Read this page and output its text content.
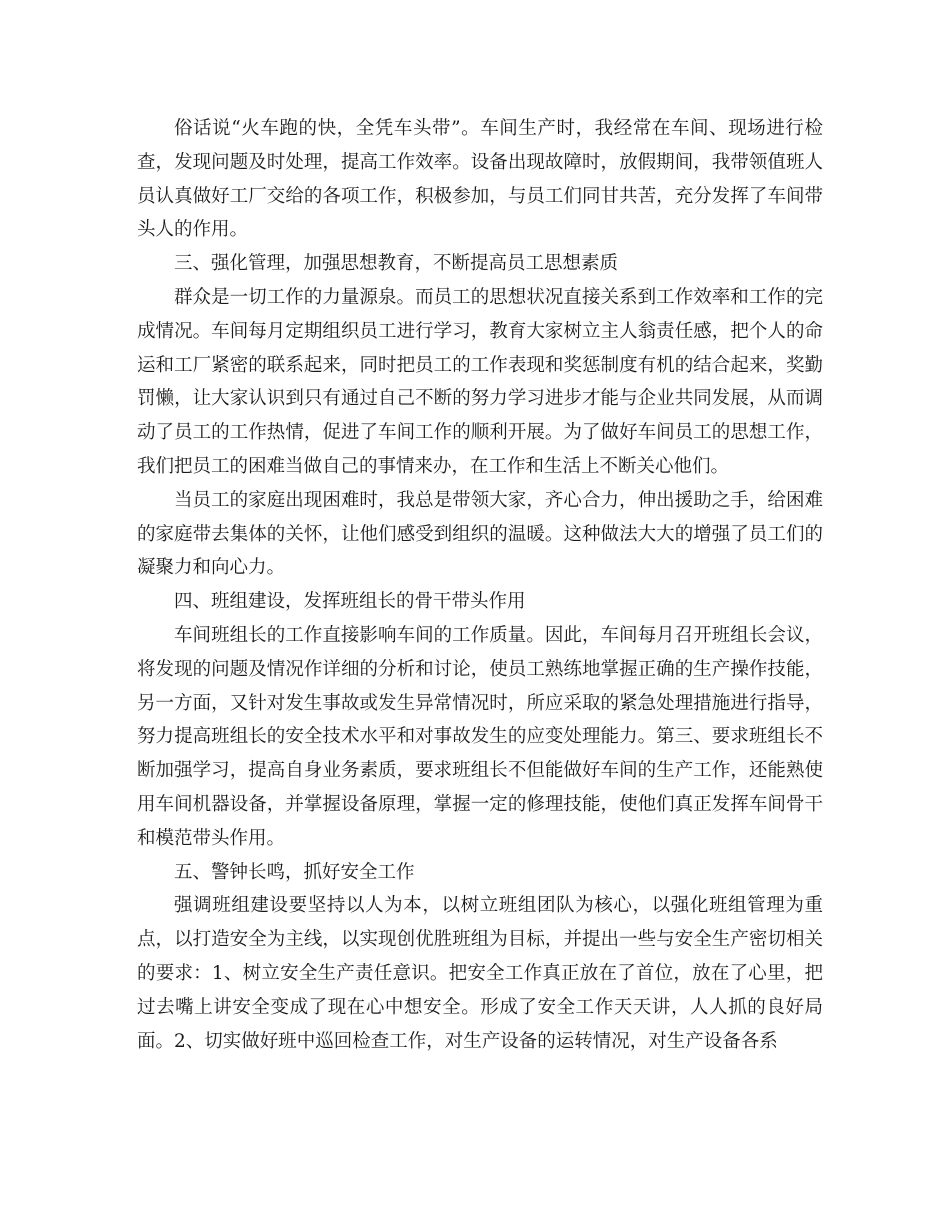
俗话说“火车跑的快，全凭车头带”。车间生产时，我经常在车间、现场进行检查，发现问题及时处理，提高工作效率。设备出现故障时，放假期间，我带领值班人员认真做好工厂交给的各项工作，积极参加，与员工们同甘共苦，充分发挥了车间带头人的作用。

三、强化管理，加强思想教育，不断提高员工思想素质

群众是一切工作的力量源泉。而员工的思想状况直接关系到工作效率和工作的完成情况。车间每月定期组织员工进行学习，教育大家树立主人翁责任感，把个人的命运和工厂紧密的联系起来，同时把员工的工作表现和奖惩制度有机的结合起来，奖勤罚懒，让大家认识到只有通过自己不断的努力学习进步才能与企业共同发展，从而调动了员工的工作热情，促进了车间工作的顺利开展。为了做好车间员工的思想工作，我们把员工的困难当做自己的事情来办，在工作和生活上不断关心他们。

当员工的家庭出现困难时，我总是带领大家，齐心合力，伸出援助之手，给困难的家庭带去集体的关怀，让他们感受到组织的温暖。这种做法大大的增强了员工们的凝聚力和向心力。

四、班组建设，发挥班组长的骨干带头作用

车间班组长的工作直接影响车间的工作质量。因此，车间每月召开班组长会议，将发现的问题及情况作详细的分析和讨论，使员工熟练地掌握正确的生产操作技能，另一方面，又针对发生事故或发生异常情况时，所应采取的紧急处理措施进行指导，努力提高班组长的安全技术水平和对事故发生的应变处理能力。第三、要求班组长不断加强学习，提高自身业务素质，要求班组长不但能做好车间的生产工作，还能熟使用车间机器设备，并掌握设备原理，掌握一定的修理技能，使他们真正发挥车间骨干和模范带头作用。

五、警钟长鸣，抓好安全工作

强调班组建设要坚持以人为本，以树立班组团队为核心，以强化班组管理为重点，以打造安全为主线，以实现创优胜班组为目标，并提出一些与安全生产密切相关的要求：1、树立安全生产责任意识。把安全工作真正放在了首位，放在了心里，把过去嘴上讲安全变成了现在心中想安全。形成了安全工作天天讲，人人抓的良好局面。2、切实做好班中巡回检查工作，对生产设备的运转情况，对生产设备各系
